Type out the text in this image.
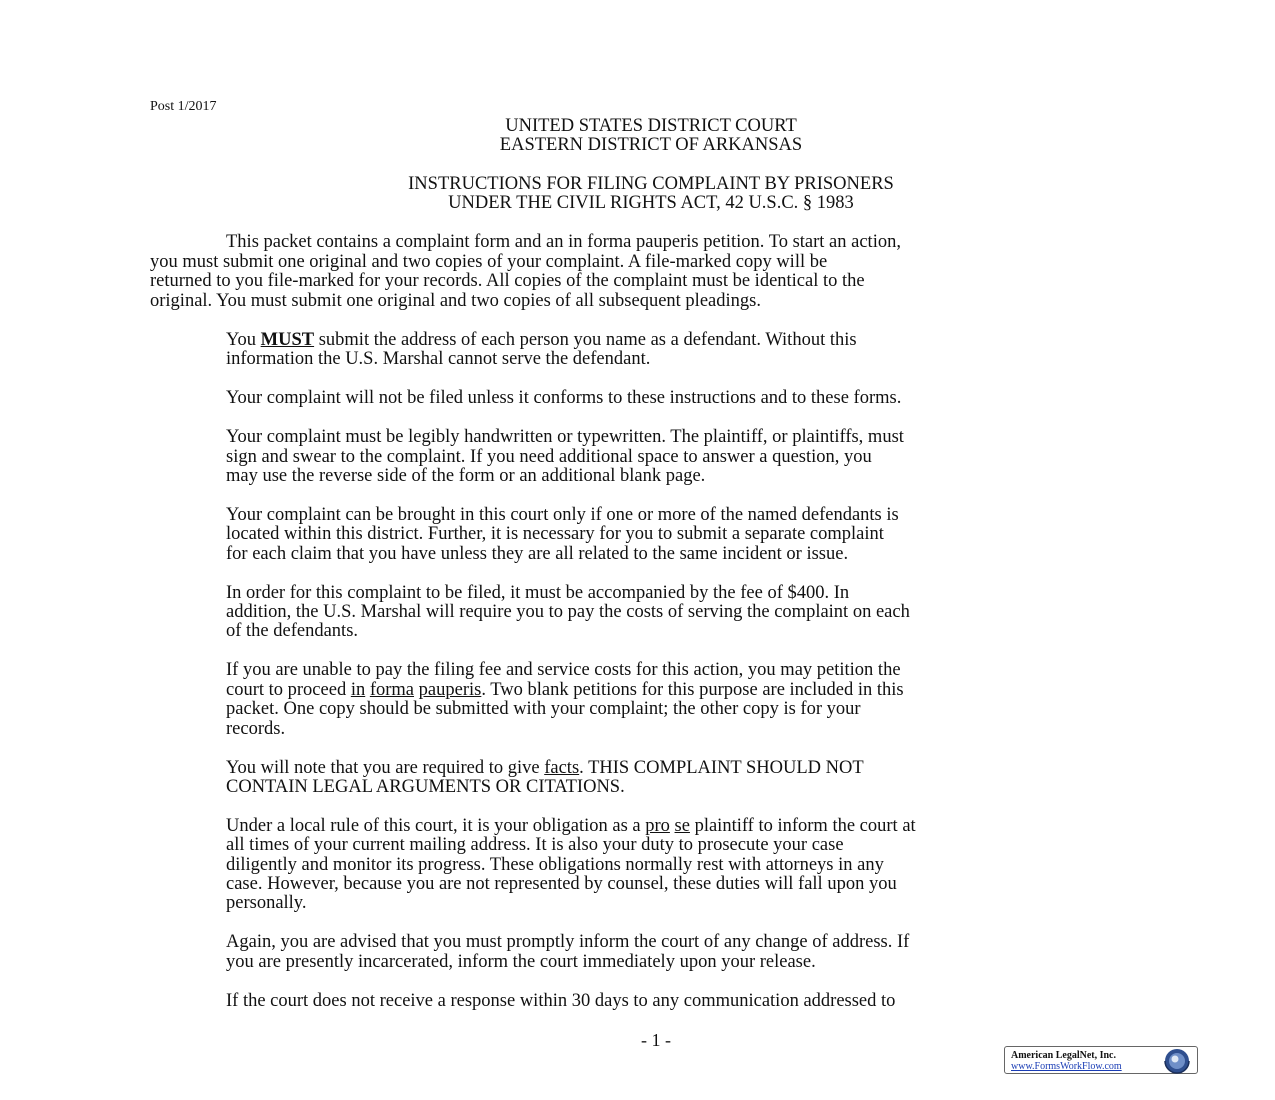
Post 1/2017
UNITED STATES DISTRICT COURT
EASTERN DISTRICT OF ARKANSAS
INSTRUCTIONS FOR FILING COMPLAINT BY PRISONERS
UNDER THE CIVIL RIGHTS ACT, 42 U.S.C. § 1983
This packet contains a complaint form and an in forma pauperis petition. To start an action,
you must submit one original and two copies of your complaint. A file-marked copy will be
returned to you file-marked for your records. All copies of the complaint must be identical to the
original. You must submit one original and two copies of all subsequent pleadings.
You MUST submit the address of each person you name as a defendant. Without this
information the U.S. Marshal cannot serve the defendant.
Your complaint will not be filed unless it conforms to these instructions and to these forms.
Your complaint must be legibly handwritten or typewritten. The plaintiff, or plaintiffs, must
sign and swear to the complaint. If you need additional space to answer a question, you
may use the reverse side of the form or an additional blank page.
Your complaint can be brought in this court only if one or more of the named defendants is
located within this district. Further, it is necessary for you to submit a separate complaint
for each claim that you have unless they are all related to the same incident or issue.
In order for this complaint to be filed, it must be accompanied by the fee of $400. In
addition, the U.S. Marshal will require you to pay the costs of serving the complaint on each
of the defendants.
If you are unable to pay the filing fee and service costs for this action, you may petition the
court to proceed in forma pauperis. Two blank petitions for this purpose are included in this
packet. One copy should be submitted with your complaint; the other copy is for your
records.
You will note that you are required to give facts. THIS COMPLAINT SHOULD NOT
CONTAIN LEGAL ARGUMENTS OR CITATIONS.
Under a local rule of this court, it is your obligation as a pro se plaintiff to inform the court at
all times of your current mailing address. It is also your duty to prosecute your case
diligently and monitor its progress. These obligations normally rest with attorneys in any
case. However, because you are not represented by counsel, these duties will fall upon you
personally.
Again, you are advised that you must promptly inform the court of any change of address. If
you are presently incarcerated, inform the court immediately upon your release.
If the court does not receive a response within 30 days to any communication addressed to
- 1 -
American LegalNet, Inc.
www.FormsWorkFlow.com
